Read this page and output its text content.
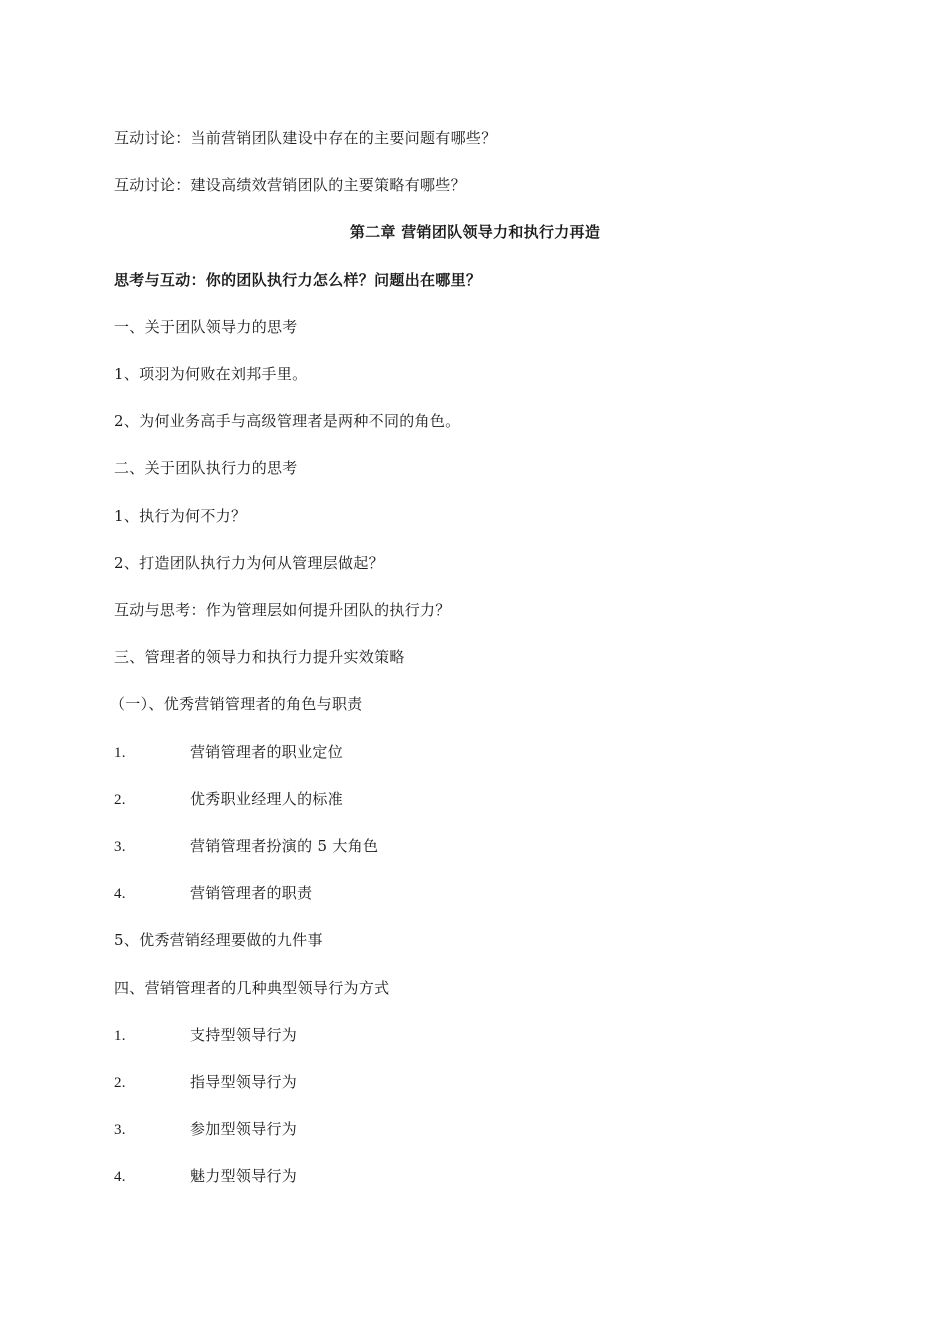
互动讨论：当前营销团队建设中存在的主要问题有哪些？
互动讨论：建设高绩效营销团队的主要策略有哪些？
第二章 营销团队领导力和执行力再造
思考与互动：你的团队执行力怎么样？问题出在哪里？
一、关于团队领导力的思考
1、项羽为何败在刘邦手里。
2、为何业务高手与高级管理者是两种不同的角色。
二、关于团队执行力的思考
1、执行为何不力？
2、打造团队执行力为何从管理层做起？
互动与思考：作为管理层如何提升团队的执行力？
三、管理者的领导力和执行力提升实效策略
（一）、优秀营销管理者的角色与职责
1.	营销管理者的职业定位
2.	优秀职业经理人的标准
3.	营销管理者扮演的 5 大角色
4.	营销管理者的职责
5、优秀营销经理要做的九件事
四、营销管理者的几种典型领导行为方式
1.	支持型领导行为
2.	指导型领导行为
3.	参加型领导行为
4.	魅力型领导行为
